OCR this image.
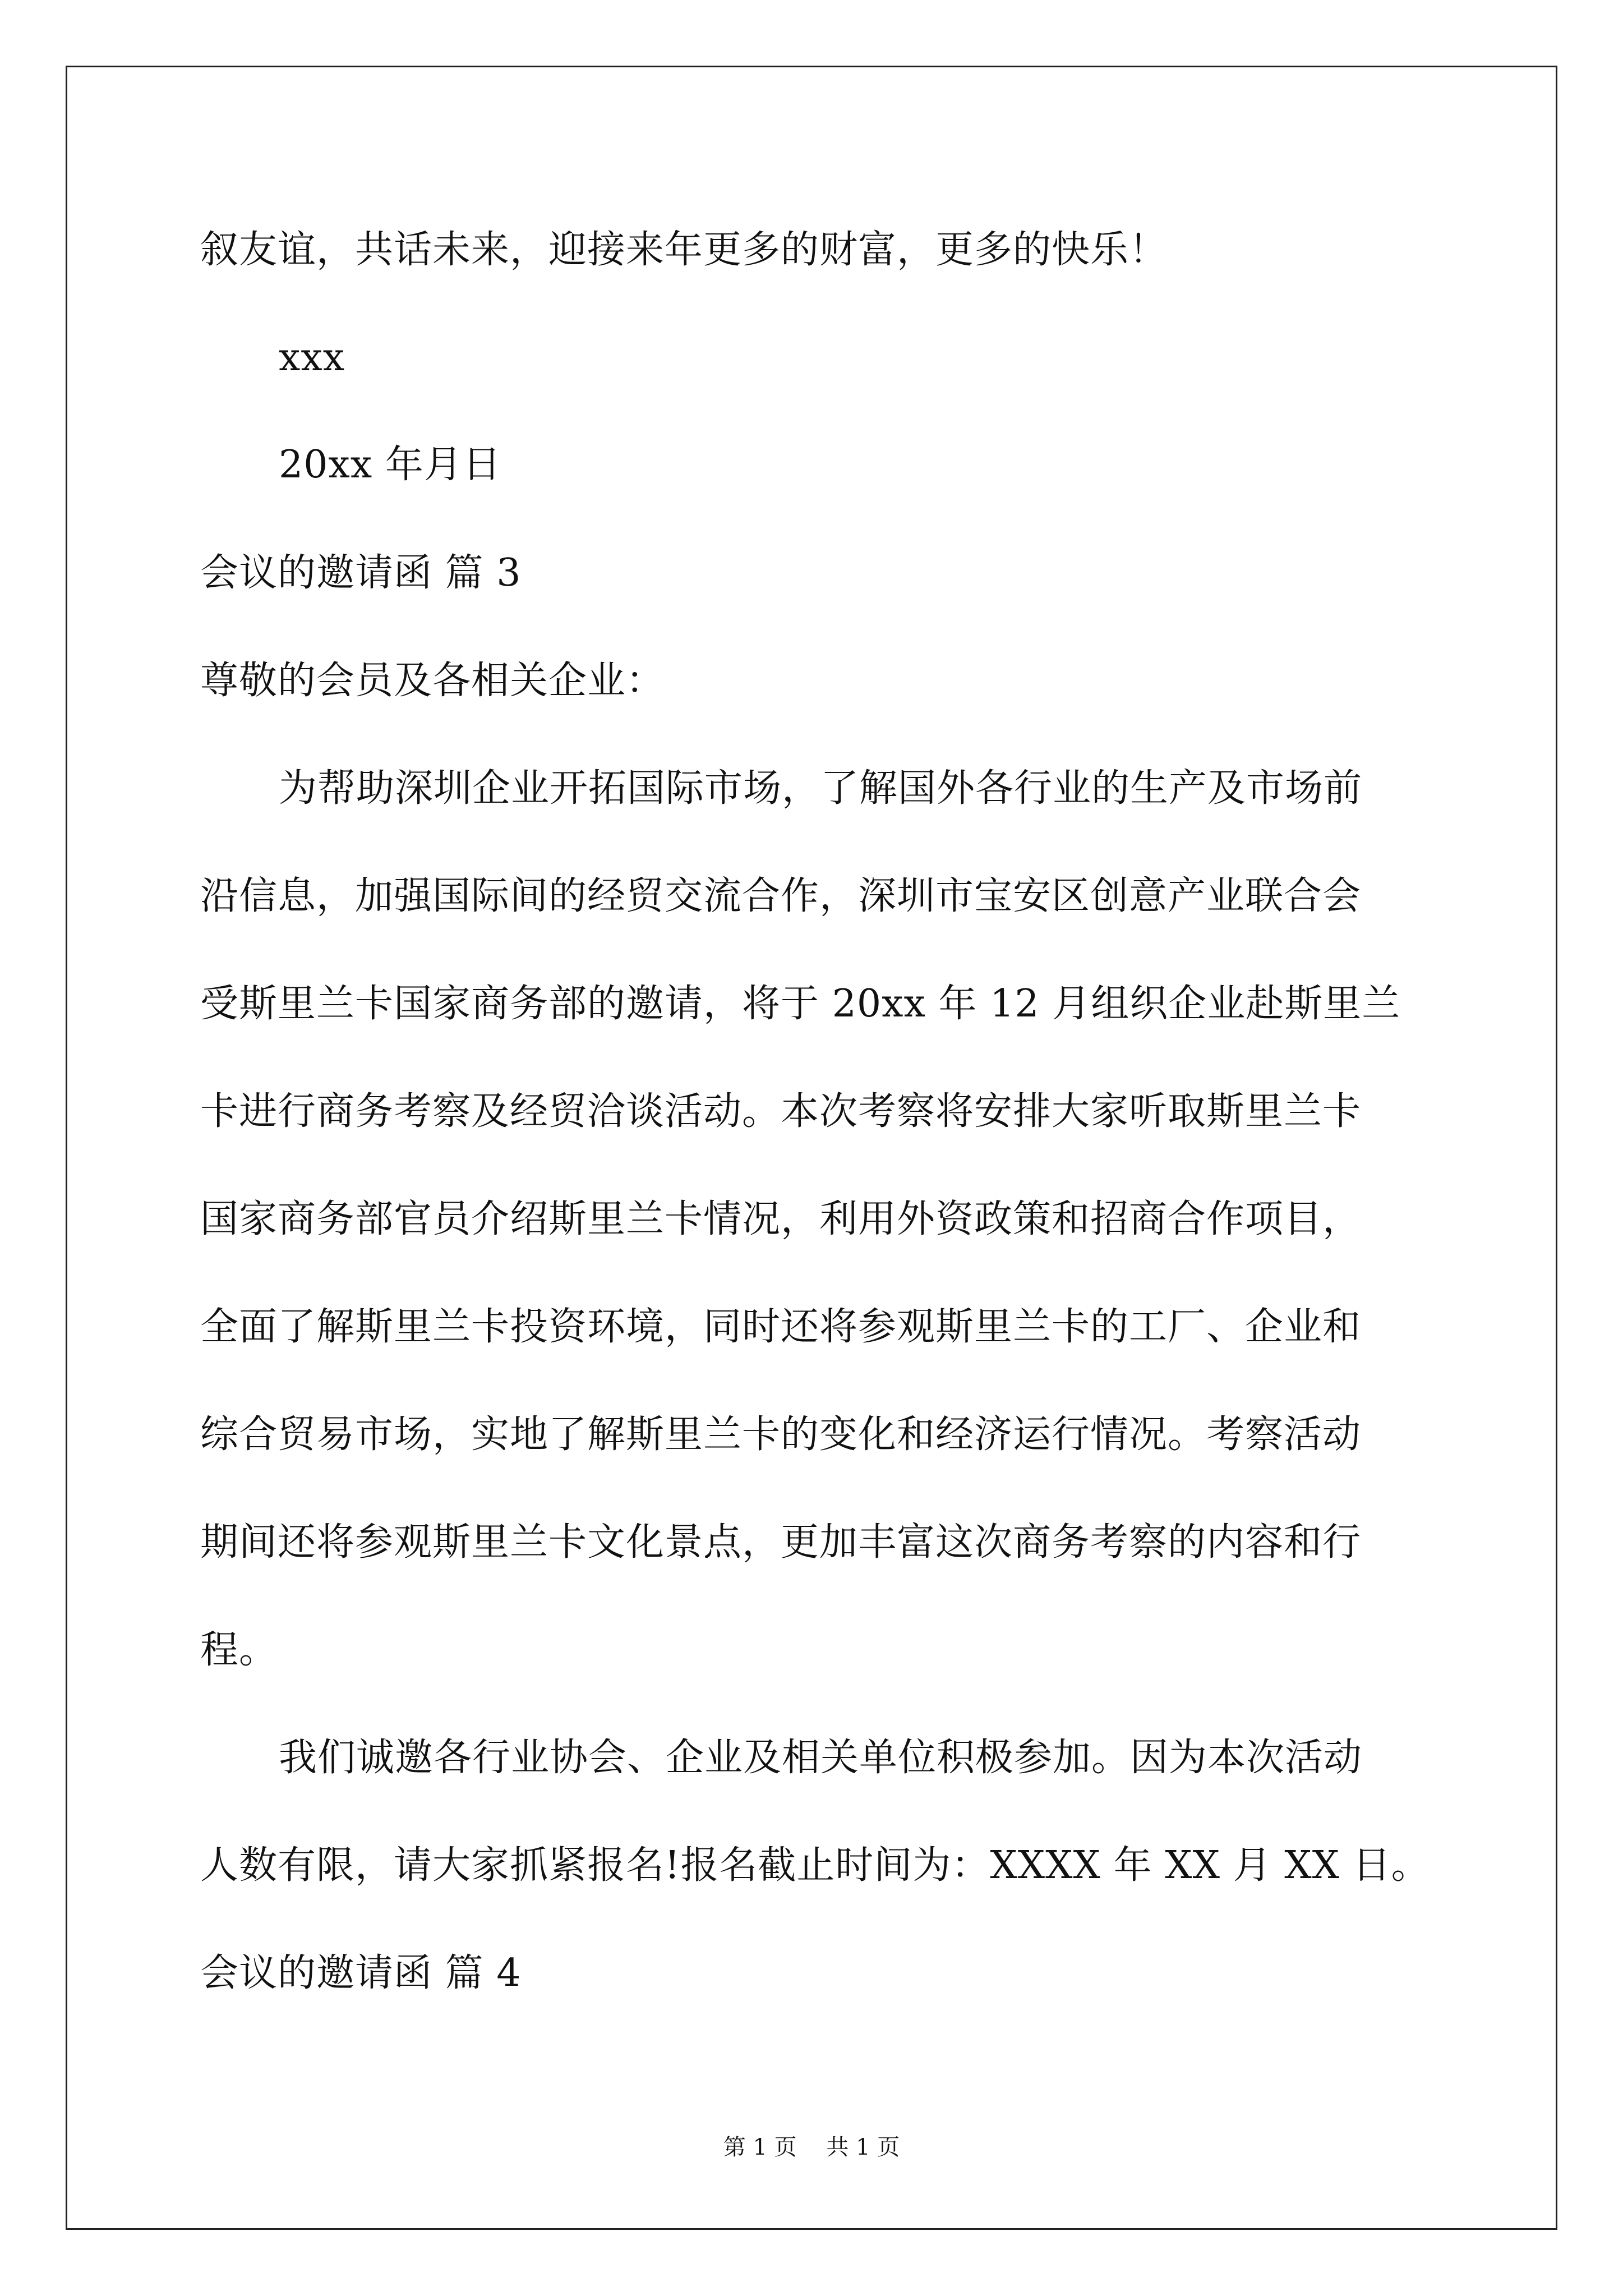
叙友谊，共话未来，迎接来年更多的财富，更多的快乐！
xxx
20xx 年月日
会议的邀请函 篇 3
尊敬的会员及各相关企业：
为帮助深圳企业开拓国际市场，了解国外各行业的生产及市场前
沿信息，加强国际间的经贸交流合作，深圳市宝安区创意产业联合会
受斯里兰卡国家商务部的邀请，将于 20xx 年 12 月组织企业赴斯里兰
卡进行商务考察及经贸洽谈活动。本次考察将安排大家听取斯里兰卡
国家商务部官员介绍斯里兰卡情况，利用外资政策和招商合作项目，
全面了解斯里兰卡投资环境，同时还将参观斯里兰卡的工厂、企业和
综合贸易市场，实地了解斯里兰卡的变化和经济运行情况。考察活动
期间还将参观斯里兰卡文化景点，更加丰富这次商务考察的内容和行
程。
我们诚邀各行业协会、企业及相关单位积极参加。因为本次活动
人数有限，请大家抓紧报名!报名截止时间为：XXXX 年 XX 月 XX 日。
会议的邀请函 篇 4
第 1 页 共 1 页
